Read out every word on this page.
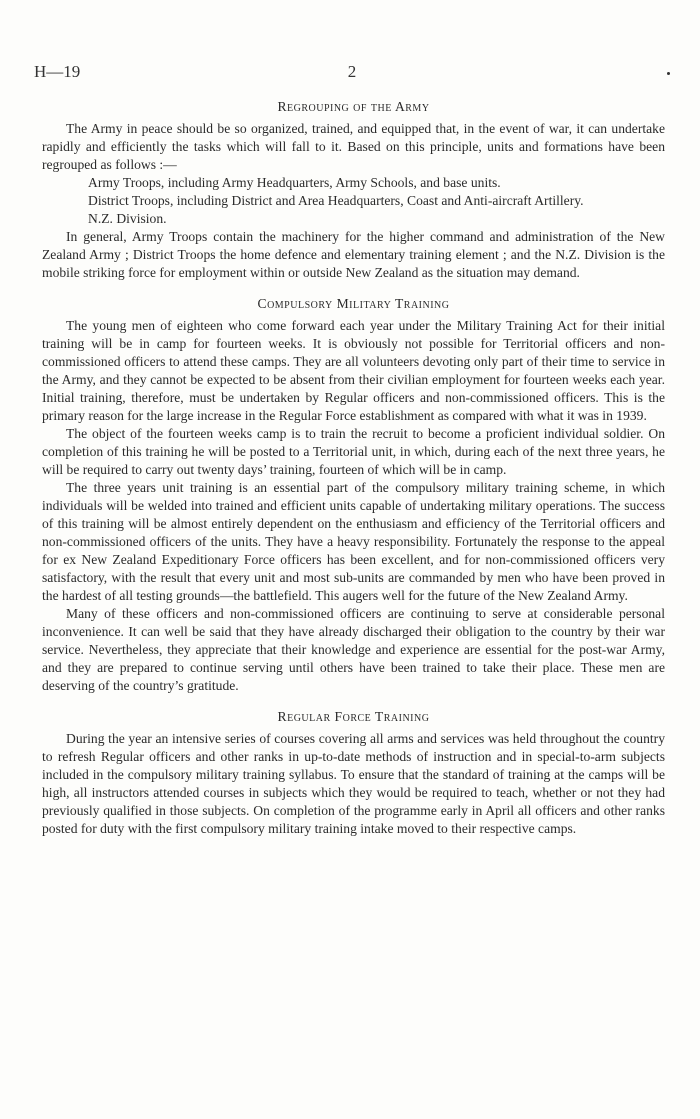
H—19	2
Regrouping of the Army

The Army in peace should be so organized, trained, and equipped that, in the event of war, it can undertake rapidly and efficiently the tasks which will fall to it. Based on this principle, units and formations have been regrouped as follows :—

Army Troops, including Army Headquarters, Army Schools, and base units.
District Troops, including District and Area Headquarters, Coast and Anti-aircraft Artillery.
N.Z. Division.

In general, Army Troops contain the machinery for the higher command and administration of the New Zealand Army ; District Troops the home defence and elementary training element ; and the N.Z. Division is the mobile striking force for employment within or outside New Zealand as the situation may demand.

Compulsory Military Training

The young men of eighteen who come forward each year under the Military Training Act for their initial training will be in camp for fourteen weeks. It is obviously not possible for Territorial officers and non-commissioned officers to attend these camps. They are all volunteers devoting only part of their time to service in the Army, and they cannot be expected to be absent from their civilian employment for fourteen weeks each year. Initial training, therefore, must be undertaken by Regular officers and non-commissioned officers. This is the primary reason for the large increase in the Regular Force establishment as compared with what it was in 1939.

The object of the fourteen weeks camp is to train the recruit to become a proficient individual soldier. On completion of this training he will be posted to a Territorial unit, in which, during each of the next three years, he will be required to carry out twenty days’ training, fourteen of which will be in camp.

The three years unit training is an essential part of the compulsory military training scheme, in which individuals will be welded into trained and efficient units capable of undertaking military operations. The success of this training will be almost entirely dependent on the enthusiasm and efficiency of the Territorial officers and non-commissioned officers of the units. They have a heavy responsibility. Fortunately the response to the appeal for ex New Zealand Expeditionary Force officers has been excellent, and for non-commissioned officers very satisfactory, with the result that every unit and most sub-units are commanded by men who have been proved in the hardest of all testing grounds—the battlefield. This augers well for the future of the New Zealand Army.

Many of these officers and non-commissioned officers are continuing to serve at considerable personal inconvenience. It can well be said that they have already discharged their obligation to the country by their war service. Nevertheless, they appreciate that their knowledge and experience are essential for the post-war Army, and they are prepared to continue serving until others have been trained to take their place. These men are deserving of the country’s gratitude.

Regular Force Training

During the year an intensive series of courses covering all arms and services was held throughout the country to refresh Regular officers and other ranks in up-to-date methods of instruction and in special-to-arm subjects included in the compulsory military training syllabus. To ensure that the standard of training at the camps will be high, all instructors attended courses in subjects which they would be required to teach, whether or not they had previously qualified in those subjects. On completion of the programme early in April all officers and other ranks posted for duty with the first compulsory military training intake moved to their respective camps.
